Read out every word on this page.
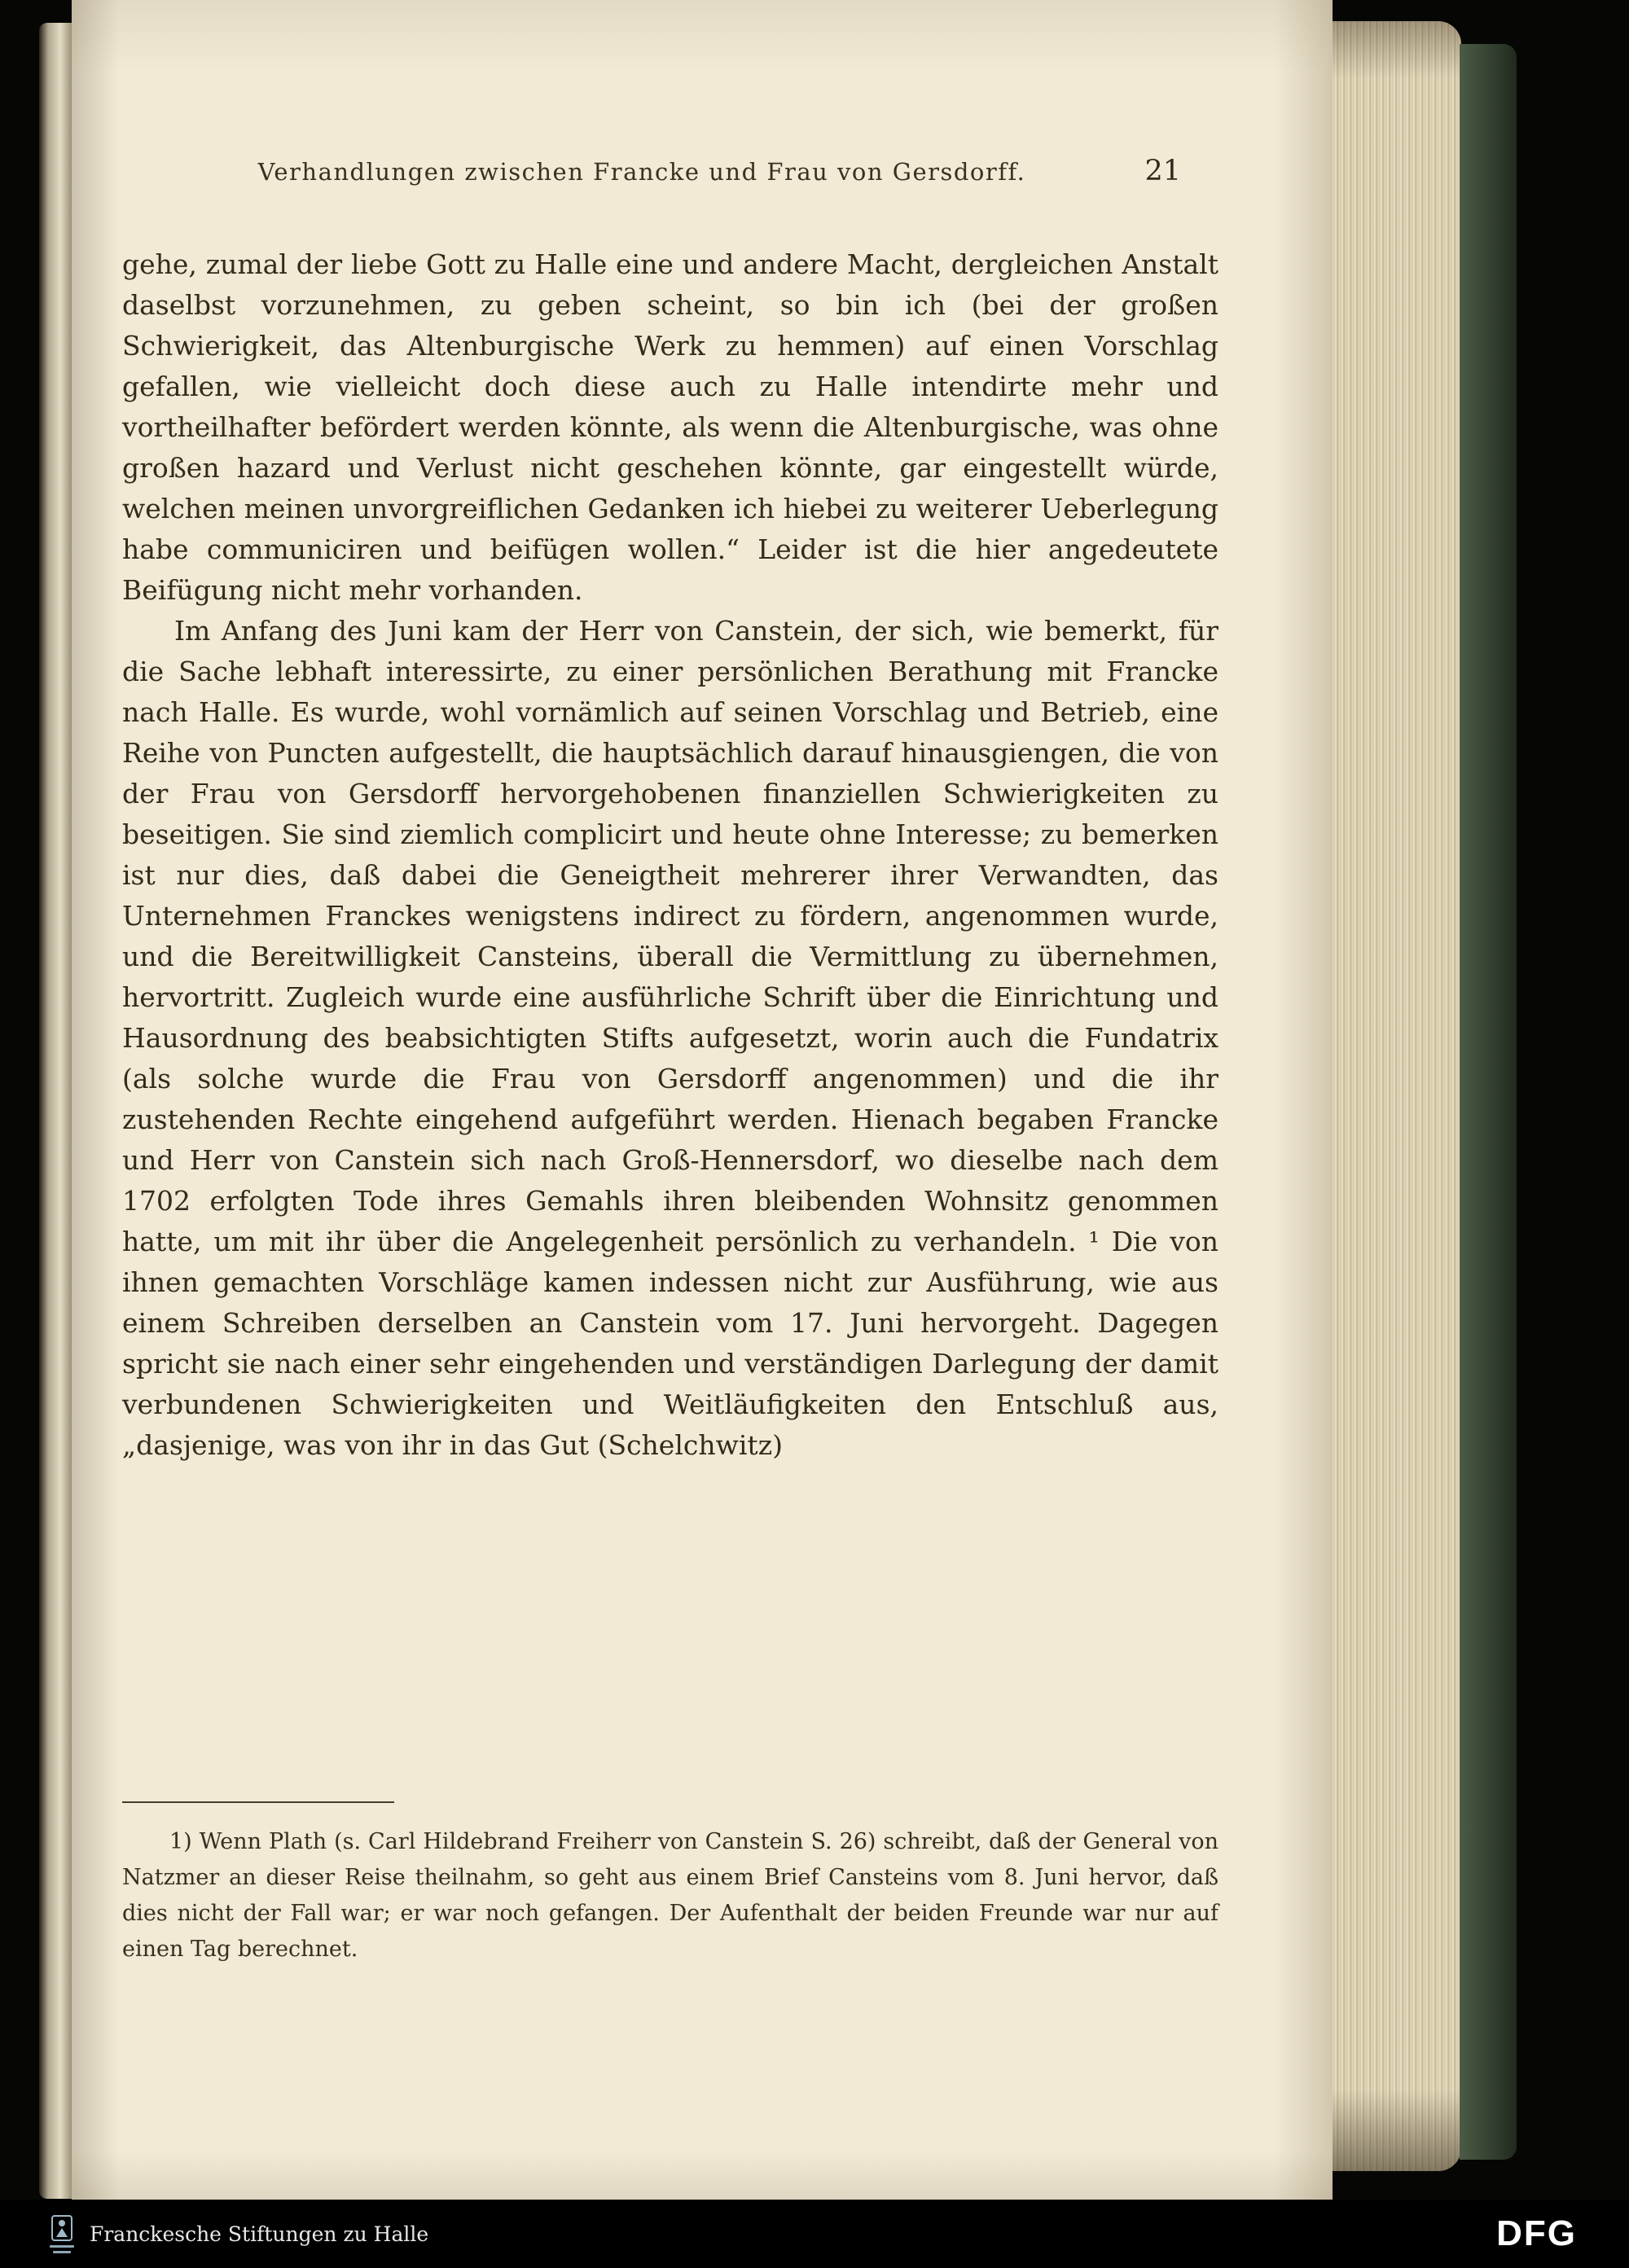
Verhandlungen zwischen Francke und Frau von Gersdorff.	21

gehe, zumal der liebe Gott zu Halle eine und andere Macht, dergleichen Anstalt daselbst vorzunehmen, zu geben scheint, so bin ich (bei der großen Schwierigkeit, das Altenburgische Werk zu hemmen) auf einen Vorschlag gefallen, wie vielleicht doch diese auch zu Halle intendirte mehr und vortheilhafter befördert werden könnte, als wenn die Altenburgische, was ohne großen hazard und Verlust nicht geschehen könnte, gar eingestellt würde, welchen meinen unvorgreiflichen Gedanken ich hiebei zu weiterer Ueberlegung habe communiciren und beifügen wollen.“ Leider ist die hier angedeutete Beifügung nicht mehr vorhanden.

Im Anfang des Juni kam der Herr von Canstein, der sich, wie bemerkt, für die Sache lebhaft interessirte, zu einer persönlichen Berathung mit Francke nach Halle. Es wurde, wohl vornämlich auf seinen Vorschlag und Betrieb, eine Reihe von Puncten aufgestellt, die hauptsächlich darauf hinausgiengen, die von der Frau von Gersdorff hervorgehobenen finanziellen Schwierigkeiten zu beseitigen. Sie sind ziemlich complicirt und heute ohne Interesse; zu bemerken ist nur dies, daß dabei die Geneigtheit mehrerer ihrer Verwandten, das Unternehmen Franckes wenigstens indirect zu fördern, angenommen wurde, und die Bereitwilligkeit Cansteins, überall die Vermittlung zu übernehmen, hervortritt. Zugleich wurde eine ausführliche Schrift über die Einrichtung und Hausordnung des beabsichtigten Stifts aufgesetzt, worin auch die Fundatrix (als solche wurde die Frau von Gersdorff angenommen) und die ihr zustehenden Rechte eingehend aufgeführt werden. Hienach begaben Francke und Herr von Canstein sich nach Groß-Hennersdorf, wo dieselbe nach dem 1702 erfolgten Tode ihres Gemahls ihren bleibenden Wohnsitz genommen hatte, um mit ihr über die Angelegenheit persönlich zu verhandeln. ¹ Die von ihnen gemachten Vorschläge kamen indessen nicht zur Ausführung, wie aus einem Schreiben derselben an Canstein vom 17. Juni hervorgeht. Dagegen spricht sie nach einer sehr eingehenden und verständigen Darlegung der damit verbundenen Schwierigkeiten und Weitläufigkeiten den Entschluß aus, „dasjenige, was von ihr in das Gut (Schelchwitz)

1) Wenn Plath (s. Carl Hildebrand Freiherr von Canstein S. 26) schreibt, daß der General von Natzmer an dieser Reise theilnahm, so geht aus einem Brief Cansteins vom 8. Juni hervor, daß dies nicht der Fall war; er war noch gefangen. Der Aufenthalt der beiden Freunde war nur auf einen Tag berechnet.

Franckesche Stiftungen zu Halle	DFG
